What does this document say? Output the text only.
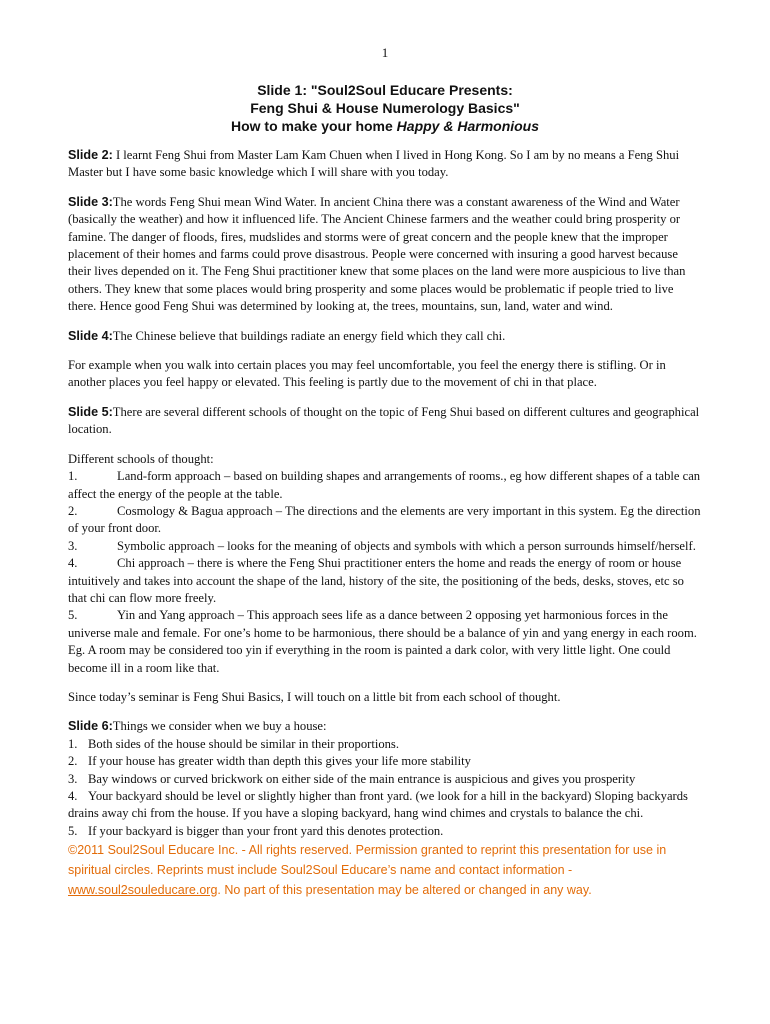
1
Slide 1: "Soul2Soul Educare Presents:
Feng Shui & House Numerology Basics"
How to make your home Happy & Harmonious

Slide 2: I learnt Feng Shui from Master Lam Kam Chuen when I lived in Hong Kong. So I am by no means a Feng Shui Master but I have some basic knowledge which I will share with you today.

Slide 3:The words Feng Shui mean Wind Water. In ancient China there was a constant awareness of the Wind and Water (basically the weather) and how it influenced life. The Ancient Chinese farmers and the weather could bring prosperity or famine. The danger of floods, fires, mudslides and storms were of great concern and the people knew that the improper placement of their homes and farms could prove disastrous. People were concerned with insuring a good harvest because their lives depended on it. The Feng Shui practitioner knew that some places on the land were more auspicious to live than others. They knew that some places would bring prosperity and some places would be problematic if people tried to live there. Hence good Feng Shui was determined by looking at, the trees, mountains, sun, land, water and wind.

Slide 4:The Chinese believe that buildings radiate an energy field which they call chi.

For example when you walk into certain places you may feel uncomfortable, you feel the energy there is stifling. Or in another places you feel happy or elevated. This feeling is partly due to the movement of chi in that place.

Slide 5:There are several different schools of thought on the topic of Feng Shui based on different cultures and geographical location.

Different schools of thought:

1.	Land-form approach – based on building shapes and arrangements of rooms., eg how different shapes of a table can affect the energy of the people at the table.

2.	Cosmology & Bagua approach – The directions and the elements are very important in this system. Eg the direction of your front door.

3.	Symbolic approach – looks for the meaning of objects and symbols with which a person surrounds himself/herself.

4.	Chi approach – there is where the Feng Shui practitioner enters the home and reads the energy of room or house intuitively and takes into account the shape of the land, history of the site, the positioning of the beds, desks, stoves, etc so that chi can flow more freely.

5.	Yin and Yang approach – This approach sees life as a dance between 2 opposing yet harmonious forces in the universe male and female. For one’s home to be harmonious, there should be a balance of yin and yang energy in each room. Eg. A room may be considered too yin if everything in the room is painted a dark color, with very little light. One could become ill in a room like that.

Since today’s seminar is Feng Shui Basics, I will touch on a little bit from each school of thought.

Slide 6:Things we consider when we buy a house:

1. Both sides of the house should be similar in their proportions.

2. If your house has greater width than depth this gives your life more stability

3. Bay windows or curved brickwork on either side of the main entrance is auspicious and gives you prosperity

4. Your backyard should be level or slightly higher than front yard. (we look for a hill in the backyard) Sloping backyards drains away chi from the house. If you have a sloping backyard, hang wind chimes and crystals to balance the chi.

5. If your backyard is bigger than your front yard this denotes protection.

©2011 Soul2Soul Educare Inc. - All rights reserved. Permission granted to reprint this presentation for use in spiritual circles. Reprints must include Soul2Soul Educare’s name and contact information - www.soul2souleducare.org. No part of this presentation may be altered or changed in any way.
